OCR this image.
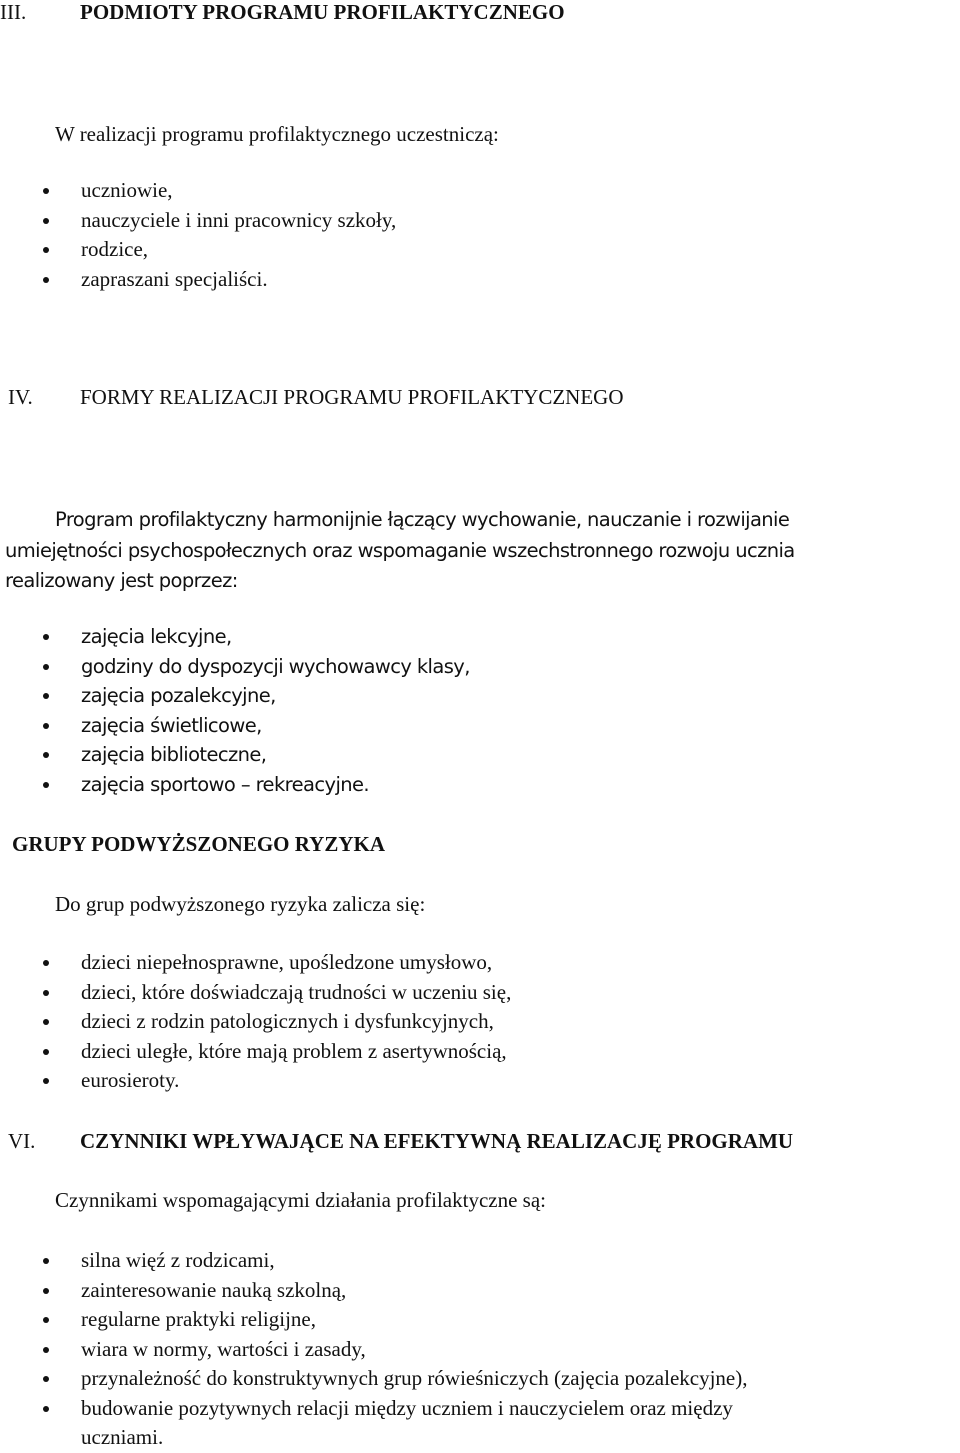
III.	PODMIOTY PROGRAMU PROFILAKTYCZNEGO

W realizacji programu profilaktycznego uczestniczą:

uczniowie,
nauczyciele i inni pracownicy szkoły,
rodzice,
zapraszani specjaliści.
IV. FORMY REALIZACJI PROGRAMU PROFILAKTYCZNEGO
Program profilaktyczny harmonijnie łączący wychowanie, nauczanie i rozwijanie
umiejętności psychospołecznych oraz wspomaganie wszechstronnego rozwoju ucznia
realizowany jest poprzez:
zajęcia lekcyjne,
godziny do dyspozycji wychowawcy klasy,
zajęcia pozalekcyjne,
zajęcia świetlicowe,
zajęcia biblioteczne,
zajęcia sportowo – rekreacyjne.
GRUPY PODWYŻSZONEGO RYZYKA

Do grup podwyższonego ryzyka zalicza się:

dzieci niepełnosprawne, upośledzone umysłowo,
dzieci, które doświadczają trudności w uczeniu się,
dzieci z rodzin patologicznych i dysfunkcyjnych,
dzieci uległe, które mają problem z asertywnością,
eurosieroty.
VI. CZYNNIKI WPŁYWAJĄCE NA EFEKTYWNĄ REALIZACJĘ PROGRAMU

Czynnikami wspomagającymi działania profilaktyczne są:

silna więź z rodzicami,
zainteresowanie nauką szkolną,
regularne praktyki religijne,
wiara w normy, wartości i zasady,
przynależność do konstruktywnych grup rówieśniczych (zajęcia pozalekcyjne),
budowanie pozytywnych relacji między uczniem i nauczycielem oraz między
uczniami.
